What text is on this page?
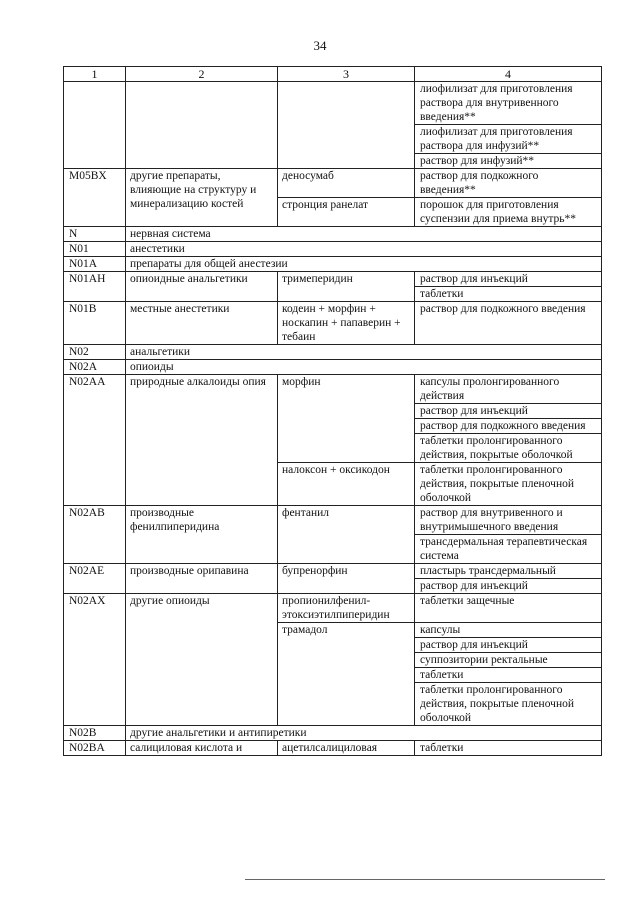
34
1	2	3	4
			лиофилизат для приготовления раствора для внутривенного введения**
			лиофилизат для приготовления раствора для инфузий**
			раствор для инфузий**
M05BX	другие препараты, влияющие на структуру и минерализацию костей	деносумаб	раствор для подкожного введения**
		стронция ранелат	порошок для приготовления суспензии для приема внутрь**
N	нервная система		
N01	анестетики		
N01A	препараты для общей анестезии		
N01AH	опиоидные анальгетики	тримеперидин	раствор для инъекций
			таблетки
N01B	местные анестетики	кодеин + морфин + носкапин + папаверин + тебаин	раствор для подкожного введения
N02	анальгетики		
N02A	опиоиды		
N02AA	природные алкалоиды опия	морфин	капсулы пролонгированного действия
			раствор для инъекций
			раствор для подкожного введения
			таблетки пролонгированного действия, покрытые оболочкой
		налоксон + оксикодон	таблетки пролонгированного действия, покрытые пленочной оболочкой
N02AB	производные фенилпиперидина	фентанил	раствор для внутривенного и внутримышечного введения
			трансдермальная терапевтическая система
N02AE	производные орипавина	бупренорфин	пластырь трансдермальный
			раствор для инъекций
N02AX	другие опиоиды	пропионилфенил-этоксиэтилпиперидин	таблетки защечные
		трамадол	капсулы
			раствор для инъекций
			суппозитории ректальные
			таблетки
			таблетки пролонгированного действия, покрытые пленочной оболочкой
N02B	другие анальгетики и антипиретики		
N02BA	салициловая кислота и	ацетилсалициловая	таблетки
